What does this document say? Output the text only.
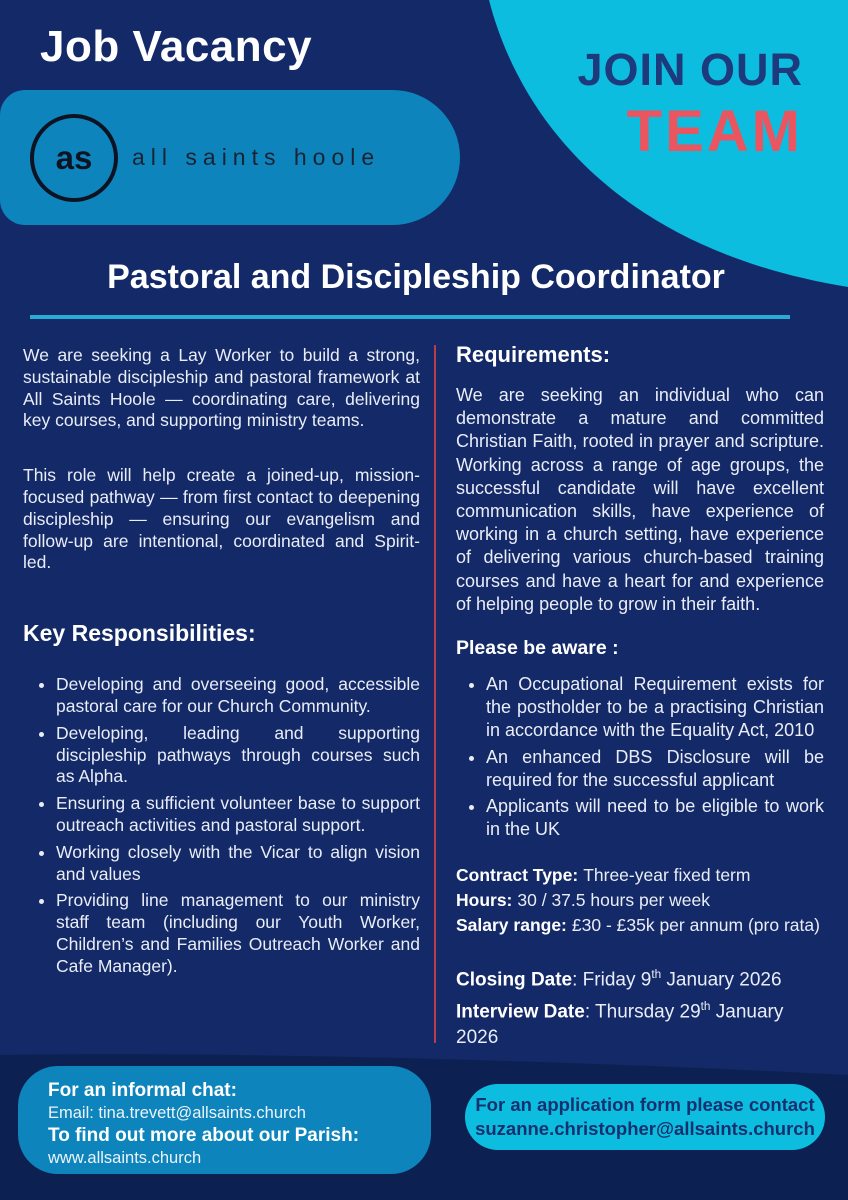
Job Vacancy	JOIN OUR
TEAM
as all saints hoole
Pastoral and Discipleship Coordinator

We are seeking a Lay Worker to build a strong, sustainable discipleship and pastoral framework at All Saints Hoole — coordinating care, delivering key courses, and supporting ministry teams.

This role will help create a joined-up, mission-focused pathway — from first contact to deepening discipleship — ensuring our evangelism and follow-up are intentional, coordinated and Spirit-led.

Key Responsibilities:
• Developing and overseeing good, accessible pastoral care for our Church Community.
• Developing, leading and supporting discipleship pathways through courses such as Alpha.
• Ensuring a sufficient volunteer base to support outreach activities and pastoral support.
• Working closely with the Vicar to align vision and values
• Providing line management to our ministry staff team (including our Youth Worker, Children’s and Families Outreach Worker and Cafe Manager).
Requirements:

We are seeking an individual who can demonstrate a mature and committed Christian Faith, rooted in prayer and scripture. Working across a range of age groups, the successful candidate will have excellent communication skills, have experience of working in a church setting, have experience of delivering various church-based training courses and have a heart for and experience of helping people to grow in their faith.

Please be aware :
• An Occupational Requirement exists for the postholder to be a practising Christian in accordance with the Equality Act, 2010
• An enhanced DBS Disclosure will be required for the successful applicant
• Applicants will need to be eligible to work in the UK
Contract Type: Three-year fixed term
Hours: 30 / 37.5 hours per week
Salary range: £30 - £35k per annum (pro rata)
Closing Date: Friday 9th January 2026
Interview Date: Thursday 29th January 2026
For an informal chat:
Email: tina.trevett@allsaints.church
To find out more about our Parish:
www.allsaints.church
For an application form please contact
suzanne.christopher@allsaints.church
